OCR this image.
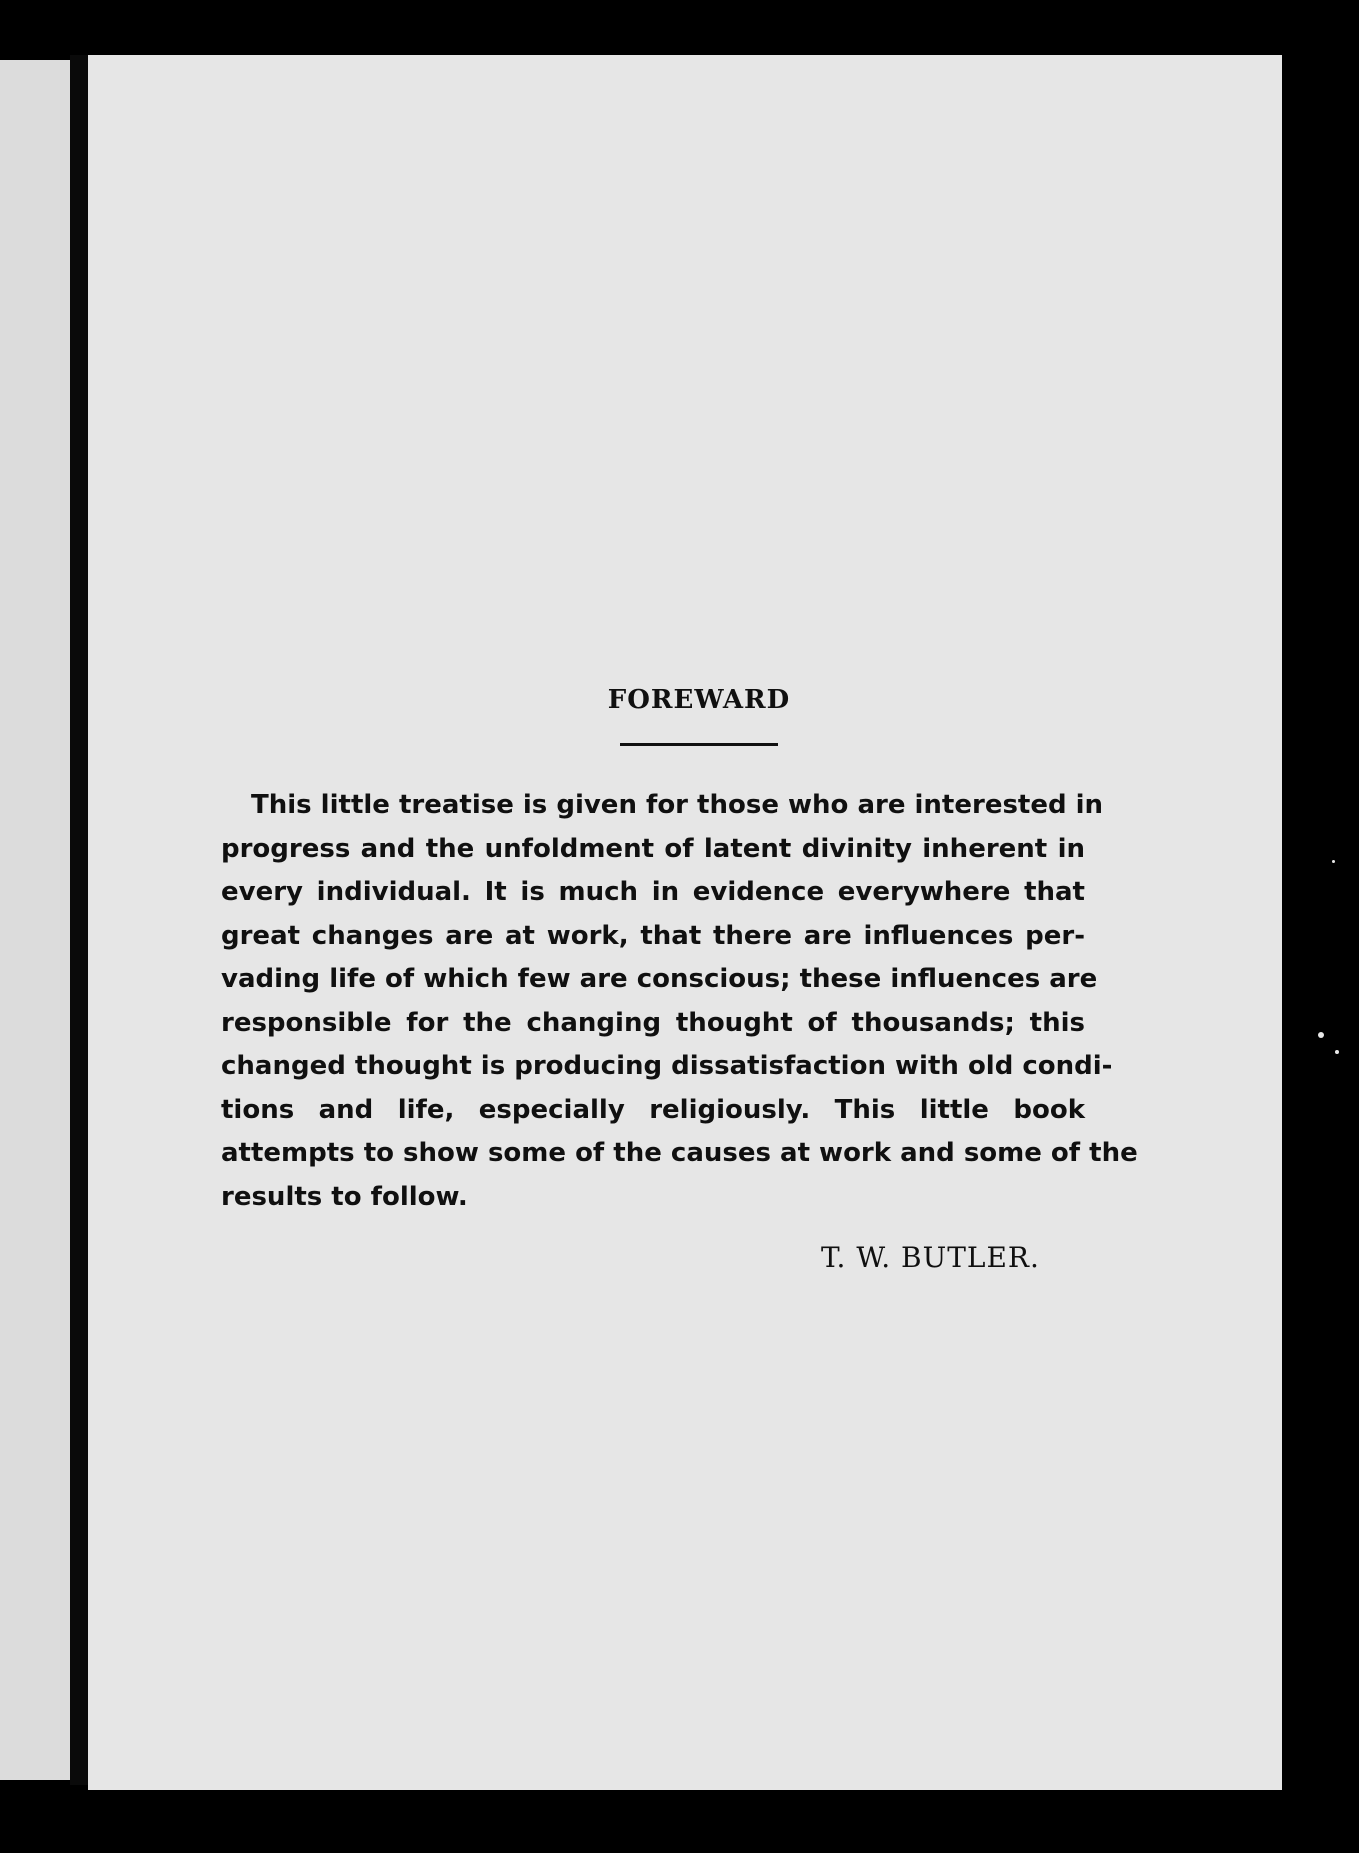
FOREWARD
This little treatise is given for those who are interested in
progress and the unfoldment of latent divinity inherent in
every individual. It is much in evidence everywhere that
great changes are at work, that there are influences per-
vading life of which few are conscious; these influences are
responsible for the changing thought of thousands; this
changed thought is producing dissatisfaction with old condi-
tions and life, especially religiously. This little book
attempts to show some of the causes at work and some of the
results to follow.
T. W. BUTLER.
